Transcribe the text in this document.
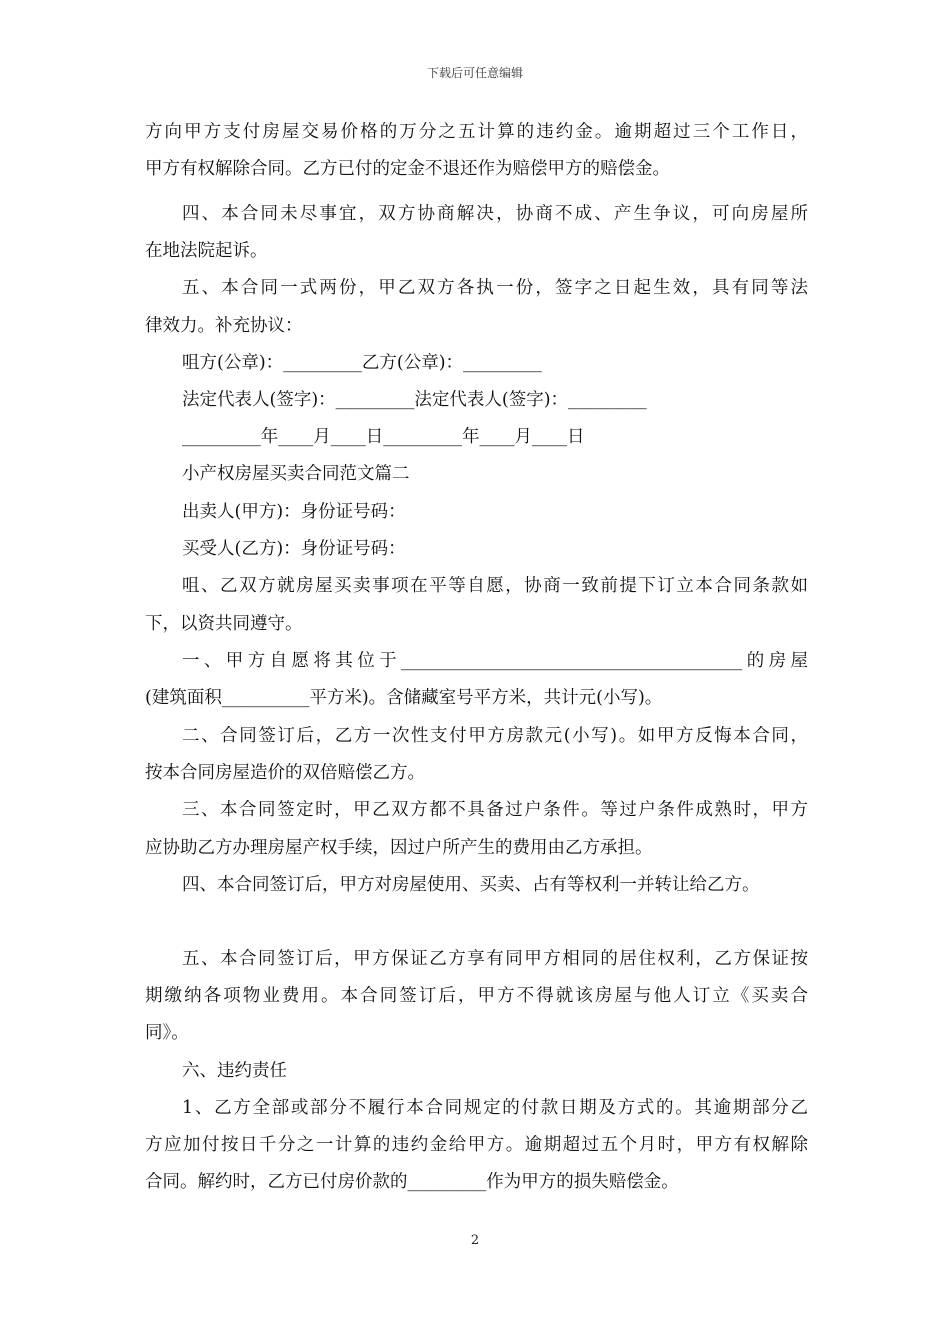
下载后可任意编辑
方向甲方支付房屋交易价格的万分之五计算的违约金。逾期超过三个工作日，
甲方有权解除合同。乙方已付的定金不退还作为赔偿甲方的赔偿金。
四、本合同未尽事宜，双方协商解决，协商不成、产生争议，可向房屋所
在地法院起诉。
五、本合同一式两份，甲乙双方各执一份，签字之日起生效，具有同等法
律效力。补充协议：
咀方(公章)：_________乙方(公章)：_________
法定代表人(签字)：_________法定代表人(签字)：_________
_________年____月____日_________年____月____日
小产权房屋买卖合同范文篇二
出卖人(甲方)：身份证号码：
买受人(乙方)：身份证号码：
咀、乙双方就房屋买卖事项在平等自愿，协商一致前提下订立本合同条款如
下，以资共同遵守。
一、甲方自愿将其位于_______________________________________的房屋
(建筑面积__________平方米)。含储藏室号平方米，共计元(小写)。
二、合同签订后，乙方一次性支付甲方房款元(小写)。如甲方反悔本合同，
按本合同房屋造价的双倍赔偿乙方。
三、本合同签定时，甲乙双方都不具备过户条件。等过户条件成熟时，甲方
应协助乙方办理房屋产权手续，因过户所产生的费用由乙方承担。
四、本合同签订后，甲方对房屋使用、买卖、占有等权利一并转让给乙方。
五、本合同签订后，甲方保证乙方享有同甲方相同的居住权利，乙方保证按
期缴纳各项物业费用。本合同签订后，甲方不得就该房屋与他人订立《买卖合
同》。
六、违约责任
1、乙方全部或部分不履行本合同规定的付款日期及方式的。其逾期部分乙
方应加付按日千分之一计算的违约金给甲方。逾期超过五个月时，甲方有权解除
合同。解约时，乙方已付房价款的_________作为甲方的损失赔偿金。
2
